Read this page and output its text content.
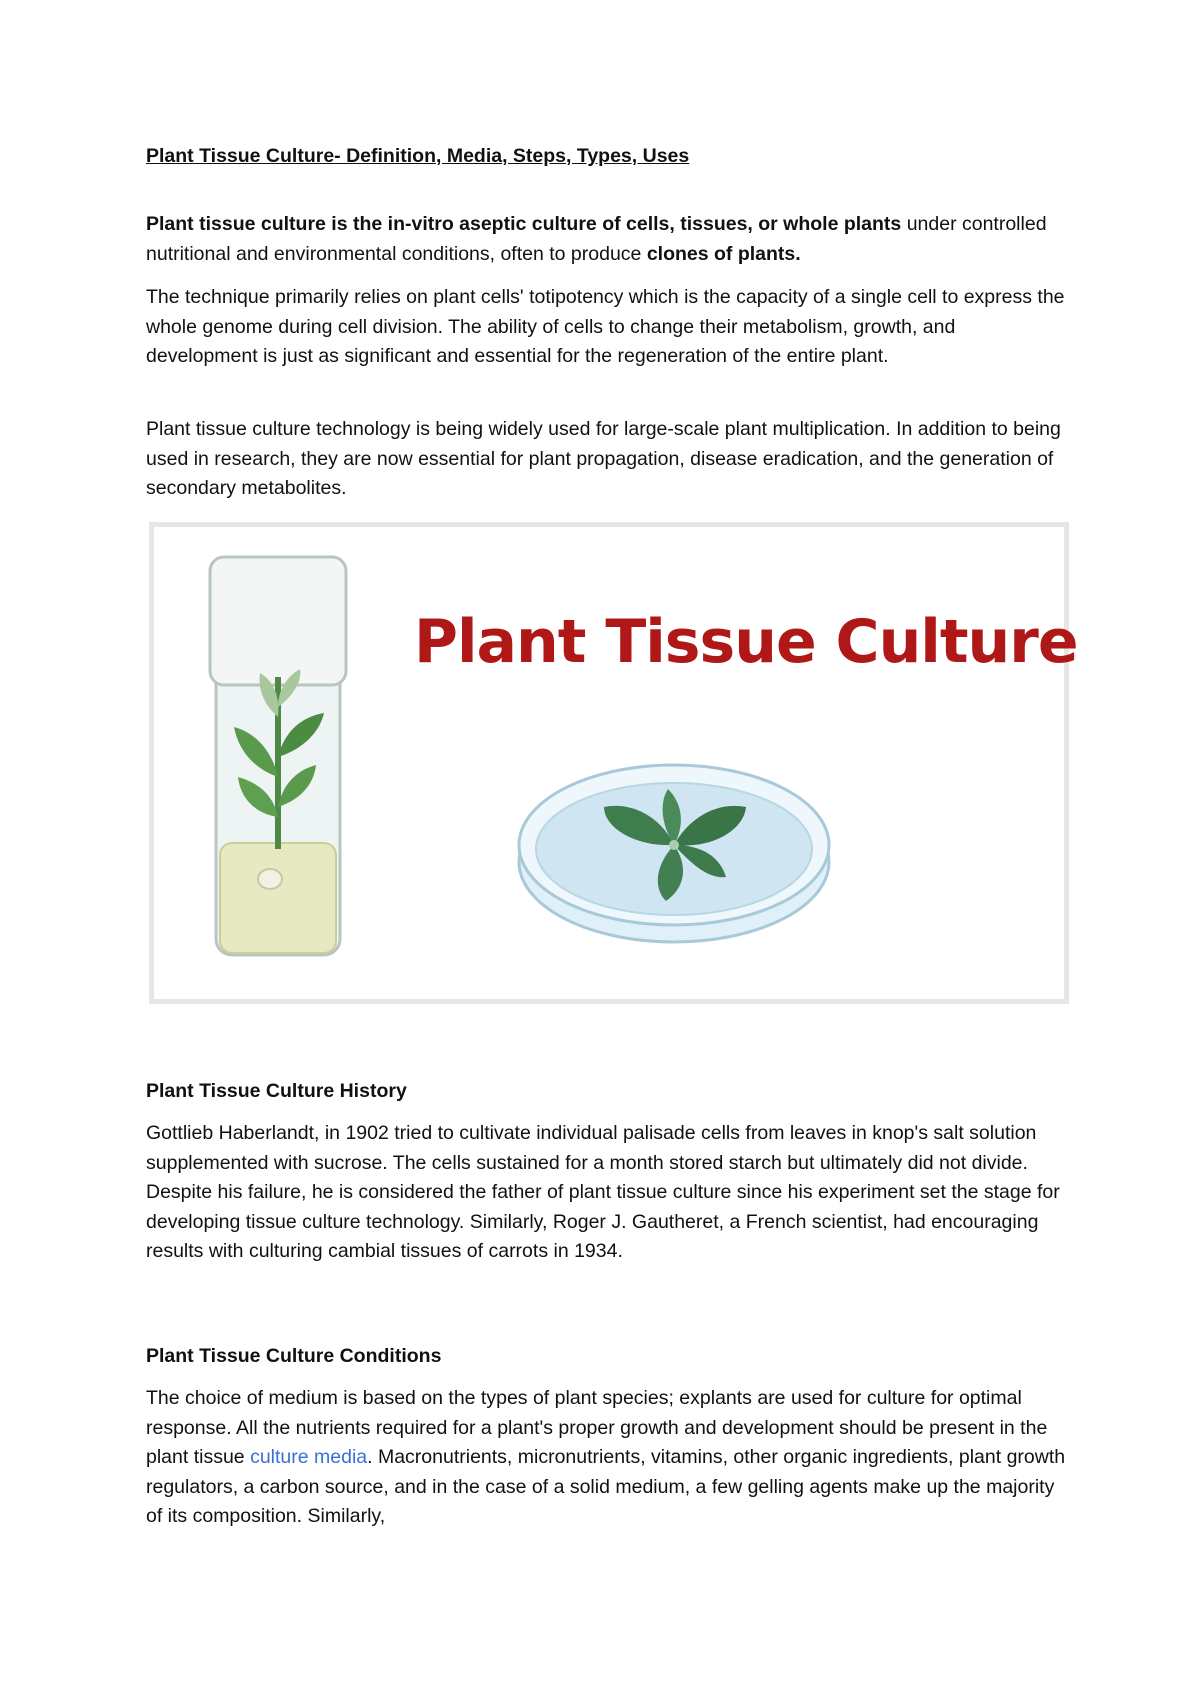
Plant Tissue Culture- Definition, Media, Steps, Types, Uses

Plant tissue culture is the in-vitro aseptic culture of cells, tissues, or whole plants under controlled nutritional and environmental conditions, often to produce clones of plants.

The technique primarily relies on plant cells' totipotency which is the capacity of a single cell to express the whole genome during cell division. The ability of cells to change their metabolism, growth, and development is just as significant and essential for the regeneration of the entire plant.

Plant tissue culture technology is being widely used for large-scale plant multiplication. In addition to being used in research, they are now essential for plant propagation, disease eradication, and the generation of secondary metabolites.

Plant Tissue Culture
Plant Tissue Culture History

Gottlieb Haberlandt, in 1902 tried to cultivate individual palisade cells from leaves in knop's salt solution supplemented with sucrose. The cells sustained for a month stored starch but ultimately did not divide. Despite his failure, he is considered the father of plant tissue culture since his experiment set the stage for developing tissue culture technology. Similarly, Roger J. Gautheret, a French scientist, had encouraging results with culturing cambial tissues of carrots in 1934.

Plant Tissue Culture Conditions

The choice of medium is based on the types of plant species; explants are used for culture for optimal response. All the nutrients required for a plant's proper growth and development should be present in the plant tissue culture media. Macronutrients, micronutrients, vitamins, other organic ingredients, plant growth regulators, a carbon source, and in the case of a solid medium, a few gelling agents make up the majority of its composition. Similarly,
